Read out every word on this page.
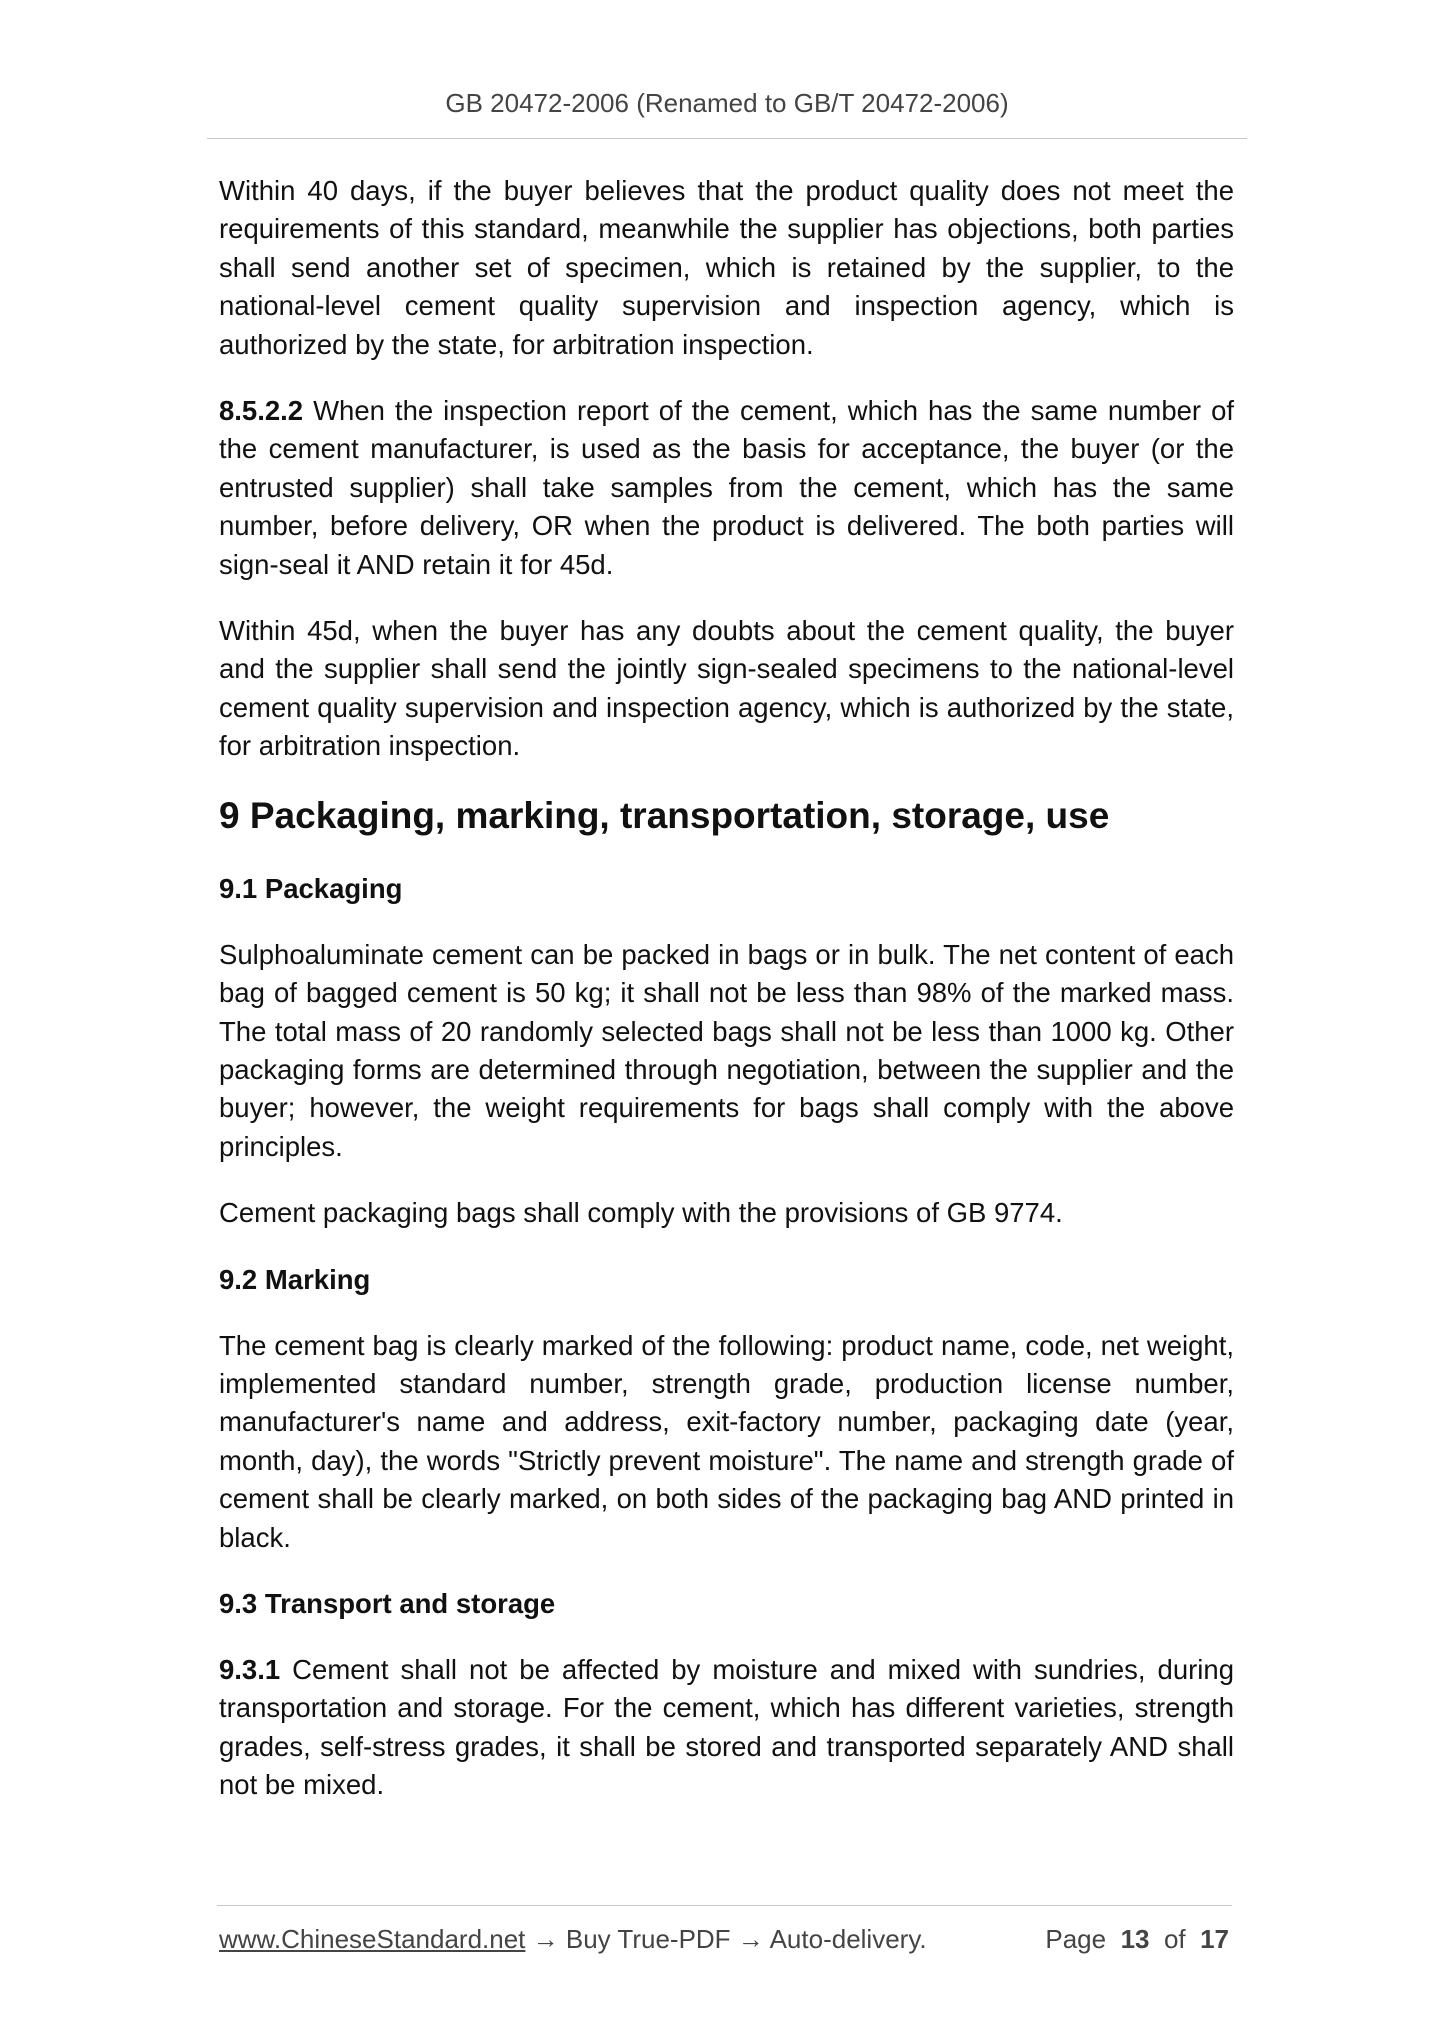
GB 20472-2006 (Renamed to GB/T 20472-2006)

Within 40 days, if the buyer believes that the product quality does not meet the requirements of this standard, meanwhile the supplier has objections, both parties shall send another set of specimen, which is retained by the supplier, to the national-level cement quality supervision and inspection agency, which is authorized by the state, for arbitration inspection.

8.5.2.2 When the inspection report of the cement, which has the same number of the cement manufacturer, is used as the basis for acceptance, the buyer (or the entrusted supplier) shall take samples from the cement, which has the same number, before delivery, OR when the product is delivered. The both parties will sign-seal it AND retain it for 45d.

Within 45d, when the buyer has any doubts about the cement quality, the buyer and the supplier shall send the jointly sign-sealed specimens to the national-level cement quality supervision and inspection agency, which is authorized by the state, for arbitration inspection.

9 Packaging, marking, transportation, storage, use
9.1 Packaging

Sulphoaluminate cement can be packed in bags or in bulk. The net content of each bag of bagged cement is 50 kg; it shall not be less than 98% of the marked mass. The total mass of 20 randomly selected bags shall not be less than 1000 kg. Other packaging forms are determined through negotiation, between the supplier and the buyer; however, the weight requirements for bags shall comply with the above principles.

Cement packaging bags shall comply with the provisions of GB 9774.

9.2 Marking

The cement bag is clearly marked of the following: product name, code, net weight, implemented standard number, strength grade, production license number, manufacturer's name and address, exit-factory number, packaging date (year, month, day), the words "Strictly prevent moisture". The name and strength grade of cement shall be clearly marked, on both sides of the packaging bag AND printed in black.

9.3 Transport and storage

9.3.1 Cement shall not be affected by moisture and mixed with sundries, during transportation and storage. For the cement, which has different varieties, strength grades, self-stress grades, it shall be stored and transported separately AND shall not be mixed.

www.ChineseStandard.net → Buy True-PDF → Auto-delivery.	Page 13 of 17
